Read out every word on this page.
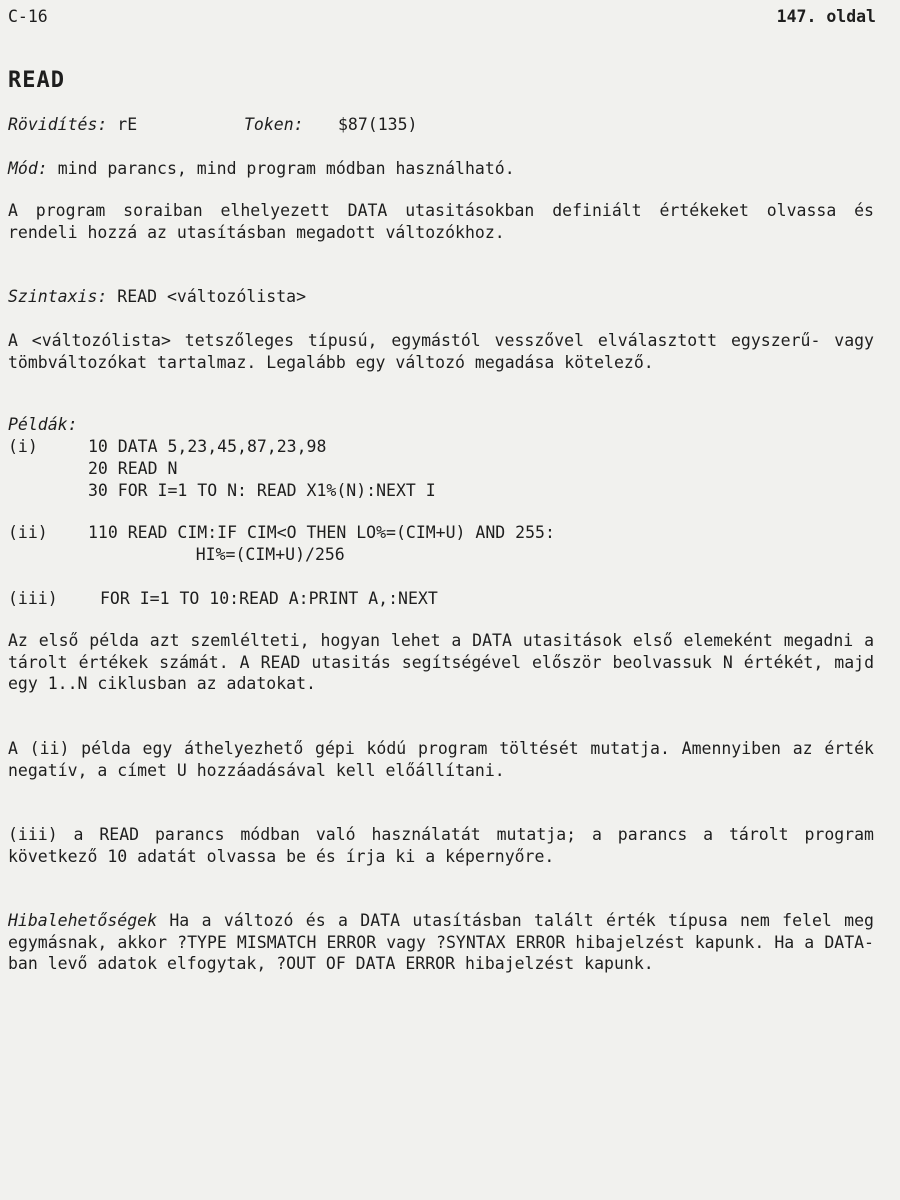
C-16	147. oldal
READ
Rövidítés: rE	Token: $87(135)
Mód: mind parancs, mind program módban használható.
A program soraiban elhelyezett DATA utasitásokban definiált értékeket olvassa és rendeli hozzá az utasításban megadott változókhoz.
Szintaxis: READ <változólista>
A <változólista> tetszőleges típusú, egymástól vesszővel elválasztott egyszerű- vagy tömbváltozókat tartalmaz. Legalább egy változó megadása kötelező.
Példák:
(i)	10 DATA 5,23,45,87,23,98
20 READ N
30 FOR I=1 TO N: READ X1%(N):NEXT I
(ii) 110 READ CIM:IF CIM<O THEN LO%=(CIM+U) AND 255:
HI%=(CIM+U)/256
(iii)	FOR I=1 TO 10:READ A:PRINT A,:NEXT
Az első példa azt szemlélteti, hogyan lehet a DATA utasitások első elemeként megadni a tárolt értékek számát. A READ utasitás segítségével először beolvassuk N értékét, majd egy 1..N ciklusban az adatokat.
A (ii) példa egy áthelyezhető gépi kódú program töltését mutatja. Amennyiben az érték negatív, a címet U hozzáadásával kell előállítani.
(iii) a READ parancs módban való használatát mutatja; a parancs a tárolt program következő 10 adatát olvassa be és írja ki a képernyőre.
Hibalehetőségek Ha a változó és a DATA utasításban talált érték típusa nem felel meg egymásnak, akkor ?TYPE MISMATCH ERROR vagy ?SYNTAX ERROR hibajelzést kapunk. Ha a DATA-ban levő adatok elfogytak, ?OUT OF DATA ERROR hibajelzést kapunk.
